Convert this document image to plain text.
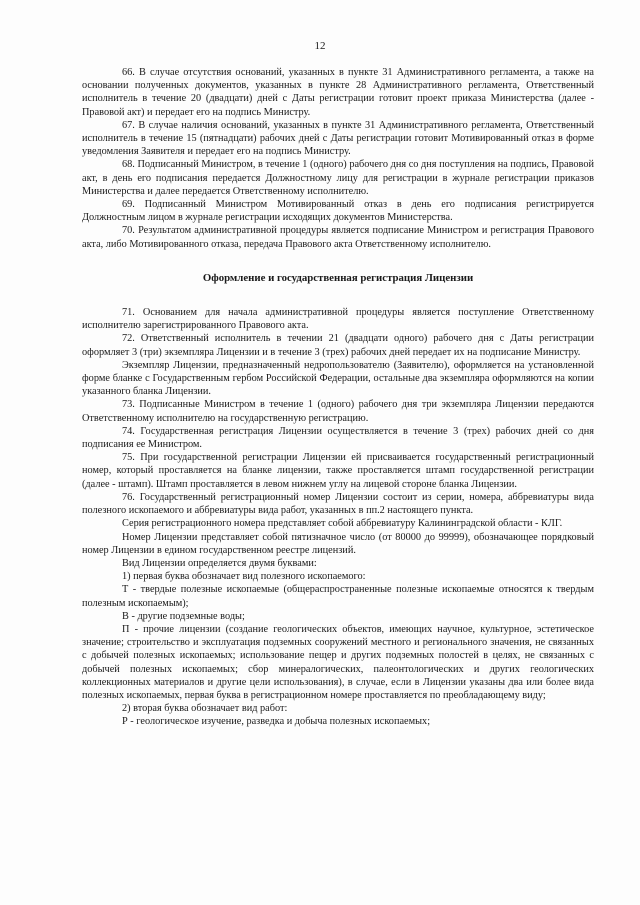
12

66. В случае отсутствия оснований, указанных в пункте 31 Административного регламента, а также на основании полученных документов, указанных в пункте 28 Административного регламента, Ответственный исполнитель в течение 20 (двадцати) дней с Даты регистрации готовит проект приказа Министерства (далее - Правовой акт) и передает его на подпись Министру.

67. В случае наличия оснований, указанных в пункте 31 Административного регламента, Ответственный исполнитель в течение 15 (пятнадцати) рабочих дней с Даты регистрации готовит Мотивированный отказ в форме уведомления Заявителя и передает его на подпись Министру.

68. Подписанный Министром, в течение 1 (одного) рабочего дня со дня поступления на подпись, Правовой акт, в день его подписания передается Должностному лицу для регистрации в журнале регистрации приказов Министерства и далее передается Ответственному исполнителю.

69. Подписанный Министром Мотивированный отказ в день его подписания регистрируется Должностным лицом в журнале регистрации исходящих документов Министерства.

70. Результатом административной процедуры является подписание Министром и регистрация Правового акта, либо Мотивированного отказа, передача Правового акта Ответственному исполнителю.

Оформление и государственная регистрация Лицензии

71. Основанием для начала административной процедуры является поступление Ответственному исполнителю зарегистрированного Правового акта.

72. Ответственный исполнитель в течении 21 (двадцати одного) рабочего дня с Даты регистрации оформляет 3 (три) экземпляра Лицензии и в течение 3 (трех) рабочих дней передает их на подписание Министру.

Экземпляр Лицензии, предназначенный недропользователю (Заявителю), оформляется на установленной форме бланке с Государственным гербом Российской Федерации, остальные два экземпляра оформляются на копии указанного бланка Лицензии.

73. Подписанные Министром в течение 1 (одного) рабочего дня три экземпляра Лицензии передаются Ответственному исполнителю на государственную регистрацию.

74. Государственная регистрация Лицензии осуществляется в течение 3 (трех) рабочих дней со дня подписания ее Министром.

75. При государственной регистрации Лицензии ей присваивается государственный регистрационный номер, который проставляется на бланке лицензии, также проставляется штамп государственной регистрации (далее - штамп). Штамп проставляется в левом нижнем углу на лицевой стороне бланка Лицензии.

76. Государственный регистрационный номер Лицензии состоит из серии, номера, аббревиатуры вида полезного ископаемого и аббревиатуры вида работ, указанных в пп.2 настоящего пункта.

Серия регистрационного номера представляет собой аббревиатуру Калининградской области - КЛГ.

Номер Лицензии представляет собой пятизначное число (от 80000 до 99999), обозначающее порядковый номер Лицензии в едином государственном реестре лицензий.

Вид Лицензии определяется двумя буквами:

1) первая буква обозначает вид полезного ископаемого:

Т - твердые полезные ископаемые (общераспространенные полезные ископаемые относятся к твердым полезным ископаемым);

В - другие подземные воды;

П - прочие лицензии (создание геологических объектов, имеющих научное, культурное, эстетическое значение; строительство и эксплуатация подземных сооружений местного и регионального значения, не связанных с добычей полезных ископаемых; использование пещер и других подземных полостей в целях, не связанных с добычей полезных ископаемых; сбор минералогических, палеонтологических и других геологических коллекционных материалов и другие цели использования), в случае, если в Лицензии указаны два или более вида полезных ископаемых, первая буква в регистрационном номере проставляется по преобладающему виду;

2) вторая буква обозначает вид работ:

Р - геологическое изучение, разведка и добыча полезных ископаемых;
